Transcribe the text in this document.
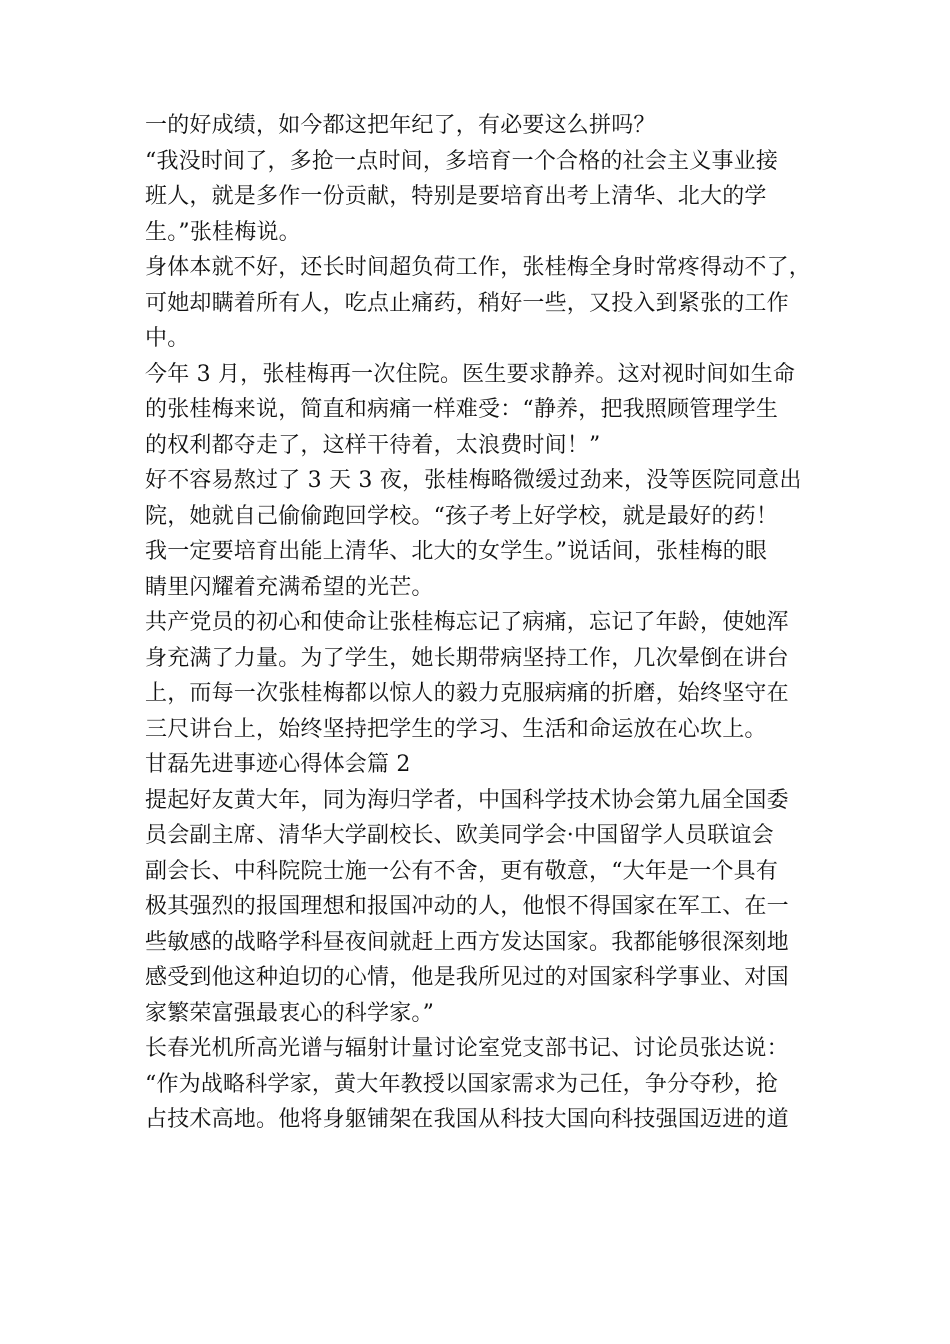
一的好成绩，如今都这把年纪了，有必要这么拼吗？
“我没时间了，多抢一点时间，多培育一个合格的社会主义事业接
班人，就是多作一份贡献，特别是要培育出考上清华、北大的学
生。”张桂梅说。
身体本就不好，还长时间超负荷工作，张桂梅全身时常疼得动不了，
可她却瞒着所有人，吃点止痛药，稍好一些，又投入到紧张的工作
中。
今年 3 月，张桂梅再一次住院。医生要求静养。这对视时间如生命
的张桂梅来说，简直和病痛一样难受：“静养，把我照顾管理学生
的权利都夺走了，这样干待着，太浪费时间！”
好不容易熬过了 3 天 3 夜，张桂梅略微缓过劲来，没等医院同意出
院，她就自己偷偷跑回学校。“孩子考上好学校，就是最好的药！
我一定要培育出能上清华、北大的女学生。”说话间，张桂梅的眼
睛里闪耀着充满希望的光芒。
共产党员的初心和使命让张桂梅忘记了病痛，忘记了年龄，使她浑
身充满了力量。为了学生，她长期带病坚持工作，几次晕倒在讲台
上，而每一次张桂梅都以惊人的毅力克服病痛的折磨，始终坚守在
三尺讲台上，始终坚持把学生的学习、生活和命运放在心坎上。
甘磊先进事迹心得体会篇 2
提起好友黄大年，同为海归学者，中国科学技术协会第九届全国委
员会副主席、清华大学副校长、欧美同学会·中国留学人员联谊会
副会长、中科院院士施一公有不舍，更有敬意，“大年是一个具有
极其强烈的报国理想和报国冲动的人，他恨不得国家在军工、在一
些敏感的战略学科昼夜间就赶上西方发达国家。我都能够很深刻地
感受到他这种迫切的心情，他是我所见过的对国家科学事业、对国
家繁荣富强最衷心的科学家。”
长春光机所高光谱与辐射计量讨论室党支部书记、讨论员张达说：
“作为战略科学家，黄大年教授以国家需求为己任，争分夺秒，抢
占技术高地。他将身躯铺架在我国从科技大国向科技强国迈进的道
